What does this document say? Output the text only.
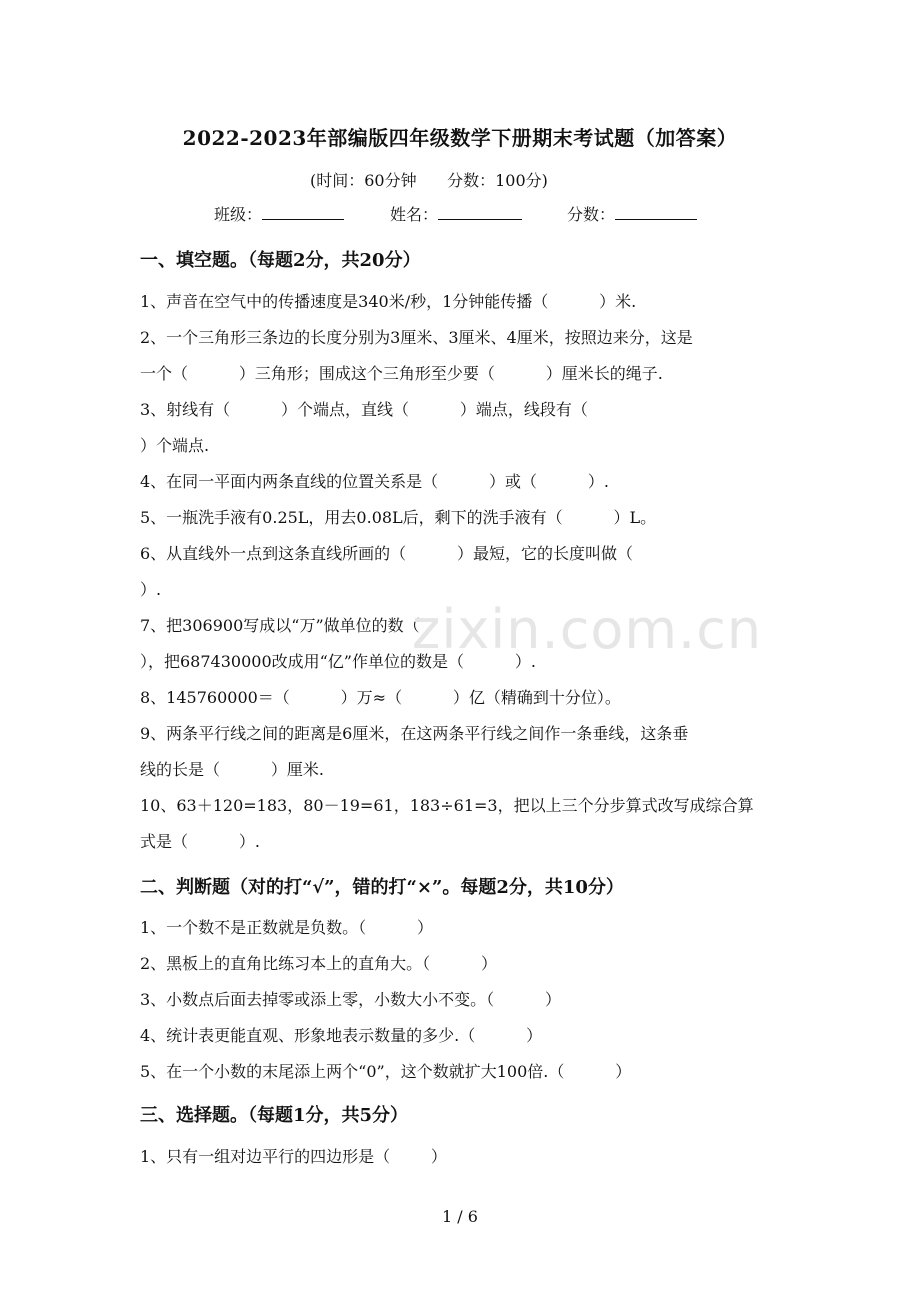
2022-2023年部编版四年级数学下册期末考试题（加答案）
(时间：60分钟      分数：100分)
班级：	姓名：	分数：
一、填空题。（每题2分，共20分）
1、声音在空气中的传播速度是340米/秒，1分钟能传播（          ）米.
2、一个三角形三条边的长度分别为3厘米、3厘米、4厘米，按照边来分，这是
一个（          ）三角形；围成这个三角形至少要（          ）厘米长的绳子.
3、射线有（          ）个端点，直线（          ）端点，线段有（
）个端点.
4、在同一平面内两条直线的位置关系是（          ）或（          ）.
5、一瓶洗手液有0.25L，用去0.08L后，剩下的洗手液有（          ）L。
6、从直线外一点到这条直线所画的（          ）最短，它的长度叫做（
）.
7、把306900写成以“万”做单位的数（
），把687430000改成用“亿”作单位的数是（          ）.
8、145760000＝（          ）万≈（          ）亿（精确到十分位）。
9、两条平行线之间的距离是6厘米，在这两条平行线之间作一条垂线，这条垂
线的长是（          ）厘米.
10、63＋120=183，80－19=61，183÷61=3，把以上三个分步算式改写成综合算
式是（          ）.
二、判断题（对的打“√”，错的打“×”。每题2分，共10分）
1、一个数不是正数就是负数。（          ）
2、黑板上的直角比练习本上的直角大。（          ）
3、小数点后面去掉零或添上零，小数大小不变。（          ）
4、统计表更能直观、形象地表示数量的多少.（          ）
5、在一个小数的末尾添上两个“0”，这个数就扩大100倍.（          ）
三、选择题。（每题1分，共5分）
1、只有一组对边平行的四边形是（        ）
zixin.com.cn
1 / 6
